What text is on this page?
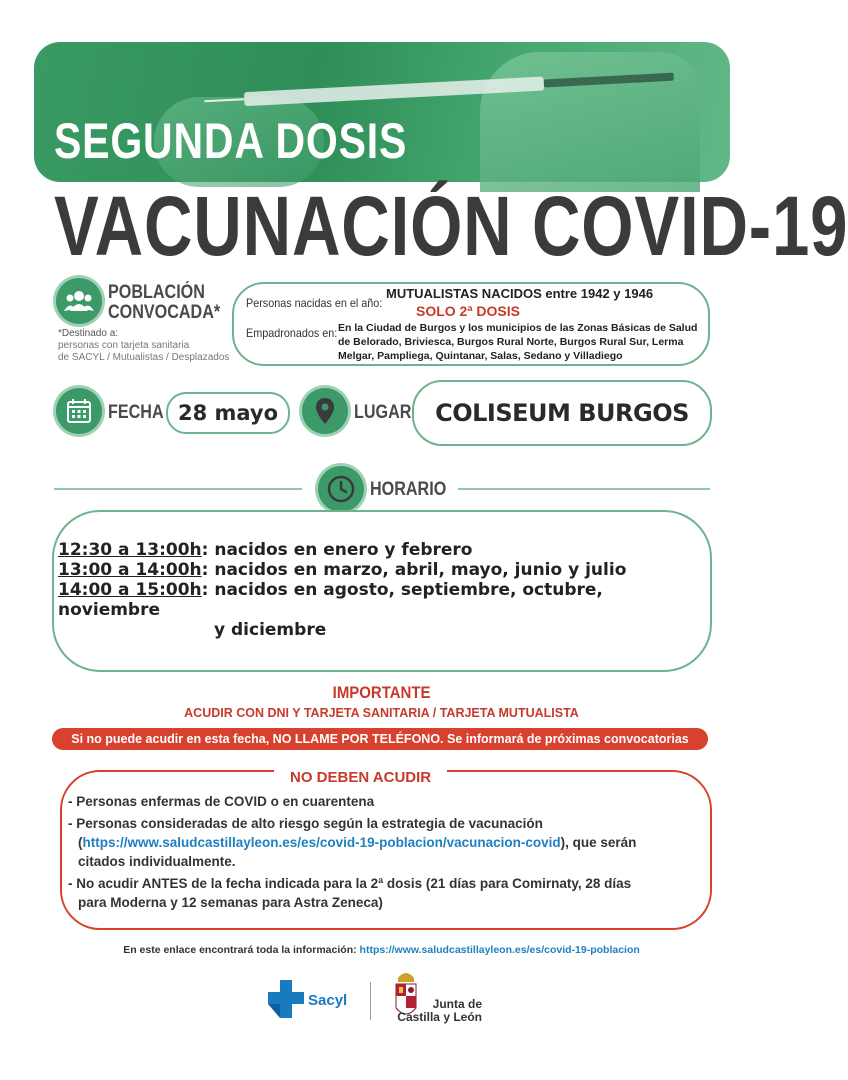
SEGUNDA DOSIS
VACUNACIÓN COVID-19
POBLACIÓN
CONVOCADA*
*Destinado a:
personas con tarjeta sanitaria
de SACYL / Mutualistas / Desplazados
Personas nacidas en el año:
MUTUALISTAS NACIDOS entre 1942 y 1946
SOLO 2ª DOSIS
Empadronados en: En la Ciudad de Burgos y los municipios de las Zonas Básicas de Salud de Belorado, Briviesca, Burgos Rural Norte, Burgos Rural Sur, Lerma Melgar, Pampliega, Quintanar, Salas, Sedano y Villadiego
FECHA 28 mayo	LUGAR COLISEUM BURGOS
HORARIO
12:30 a 13:00h: nacidos en enero y febrero
13:00 a 14:00h: nacidos en marzo, abril, mayo, junio y julio
14:00 a 15:00h: nacidos en agosto, septiembre, octubre, noviembre
y diciembre
IMPORTANTE
ACUDIR CON DNI Y TARJETA SANITARIA / TARJETA MUTUALISTA
Si no puede acudir en esta fecha, NO LLAME POR TELÉFONO. Se informará de próximas convocatorias
NO DEBEN ACUDIR
- Personas enfermas de COVID o en cuarentena
- Personas consideradas de alto riesgo según la estrategia de vacunación
(https://www.saludcastillayleon.es/es/covid-19-poblacion/vacunacion-covid), que serán
citados individualmente.
- No acudir ANTES de la fecha indicada para la 2ª dosis (21 días para Comirnaty, 28 días
para Moderna y 12 semanas para Astra Zeneca)
En este enlace encontrará toda la información: https://www.saludcastillayleon.es/es/covid-19-poblacion
Sacyl	Junta de
Castilla y León
